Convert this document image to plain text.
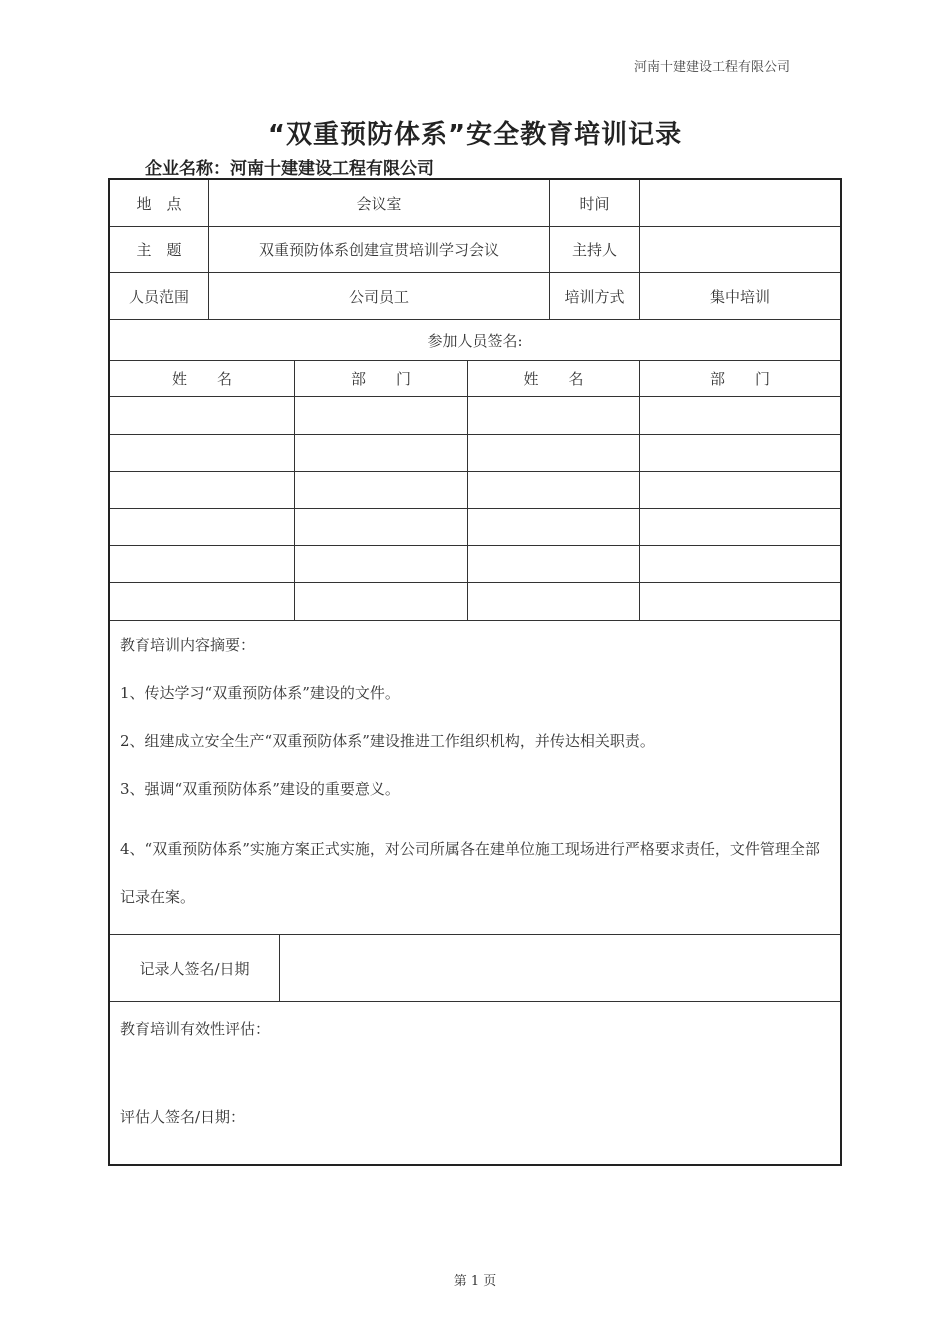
河南十建建设工程有限公司
“双重预防体系”安全教育培训记录
企业名称：河南十建建设工程有限公司
地　点	会议室	时间
主　题	双重预防体系创建宣贯培训学习会议	主持人
人员范围	公司员工	培训方式	集中培训
参加人员签名:
姓　　名	部　　门	姓　　名	部　　门

教育培训内容摘要：

1、传达学习“双重预防体系”建设的文件。

2、组建成立安全生产“双重预防体系”建设推进工作组织机构，并传达相关职责。

3、强调“双重预防体系”建设的重要意义。

4、“双重预防体系”实施方案正式实施，对公司所属各在建单位施工现场进行严格要求责任，文件管理全部记录在案。

记录人签名/日期

教育培训有效性评估：

评估人签名/日期：

第 1 页
